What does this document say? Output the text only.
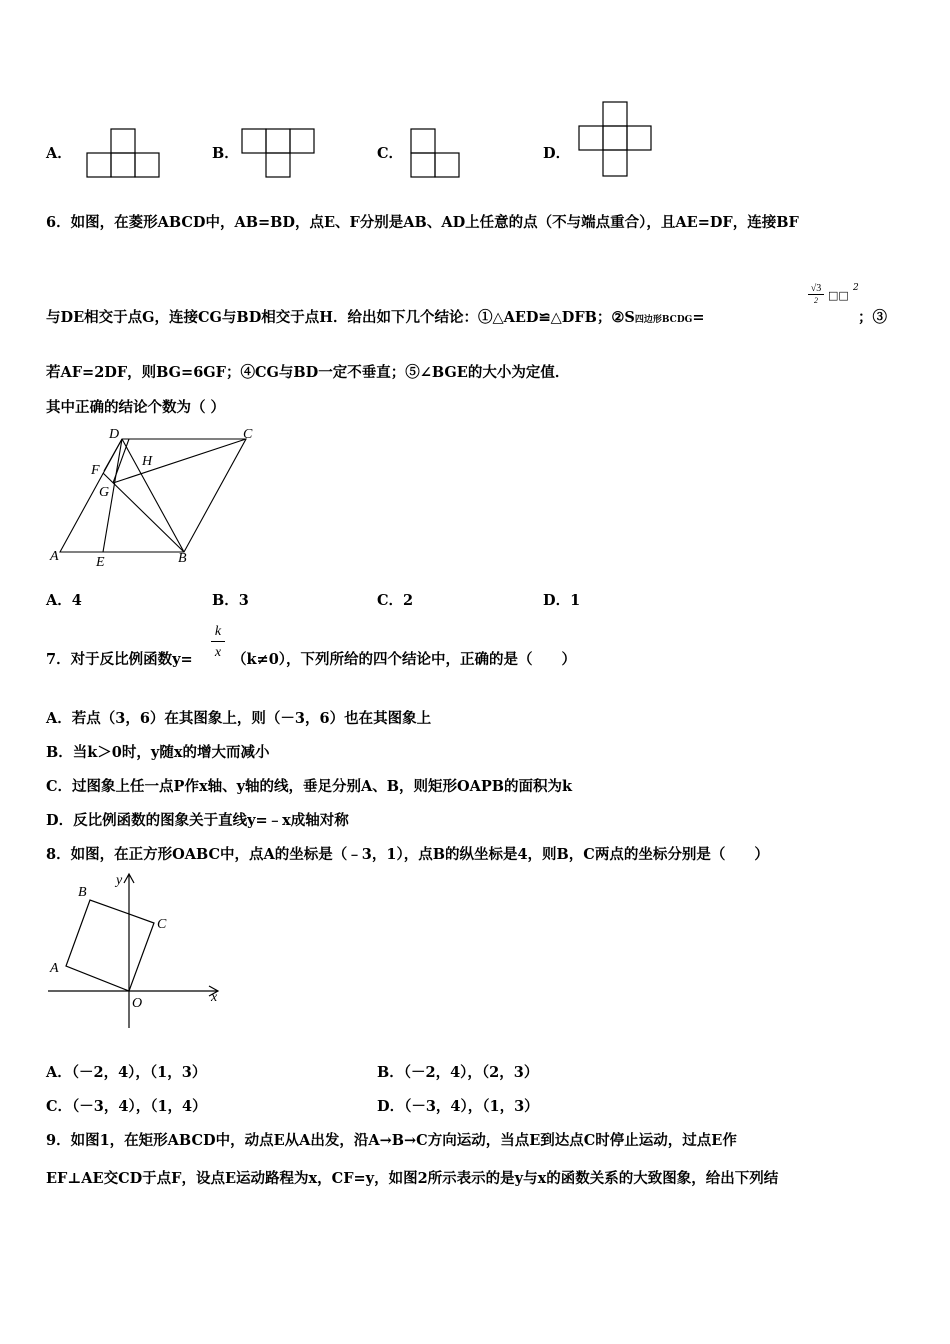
A．	B．	C．	D．
6．如图，在菱形ABCD中，AB=BD，点E、F分别是AB、AD上任意的点（不与端点重合），且AE=DF，连接BF
与DE相交于点G，连接CG与BD相交于点H．给出如下几个结论：①△AED≌△DFB；②S四边形BCDG=
√3
2 □□
2
；③
若AF=2DF，则BG=6GF；④CG与BD一定不垂直；⑤∠BGE的大小为定值．
其中正确的结论个数为（ ）
D	C
H
F
G
A	E	B
A．4	B．3	C．2	D．1
7．对于反比例函数y=
k
x （k≠0），下列所给的四个结论中，正确的是（　　）
A．若点（3，6）在其图象上，则（－3，6）也在其图象上
B．当k＞0时，y随x的增大而减小
C．过图象上任一点P作x轴、y轴的线，垂足分别A、B，则矩形OAPB的面积为k
D．反比例函数的图象关于直线y=﹣x成轴对称
8．如图，在正方形OABC中，点A的坐标是（﹣3，1），点B的纵坐标是4，则B，C两点的坐标分别是（　　）
B
y
C
A
O	x
A．（－2，4），（1，3）	B．（－2，4），（2，3）
C．（－3，4），（1，4）	D．（－3，4），（1，3）
9．如图1，在矩形ABCD中，动点E从A出发，沿A→B→C方向运动，当点E到达点C时停止运动，过点E作
EF⊥AE交CD于点F，设点E运动路程为x，CF=y，如图2所示表示的是y与x的函数关系的大致图象，给出下列结
